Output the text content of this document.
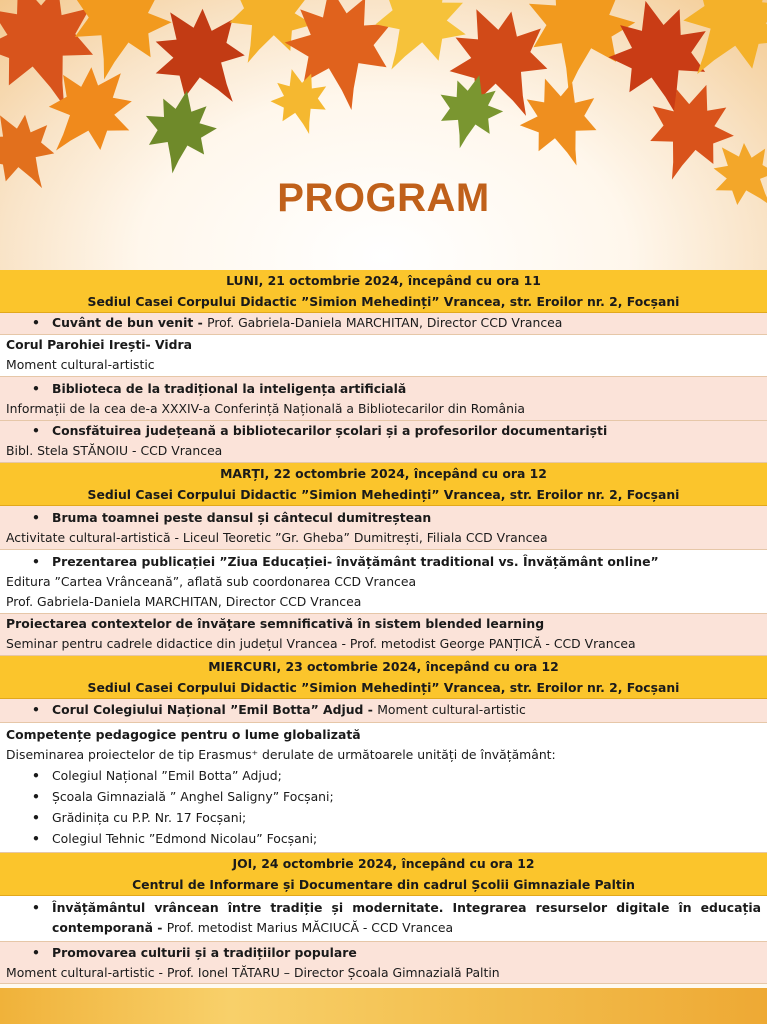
PROGRAM
LUNI, 21 octombrie 2024, începând cu ora 11
Sediul Casei Corpului Didactic ”Simion Mehedinți” Vrancea, str. Eroilor nr. 2, Focșani
• Cuvânt de bun venit - Prof. Gabriela-Daniela MARCHITAN, Director CCD Vrancea
Corul Parohiei Irești- Vidra
Moment cultural-artistic
• Biblioteca de la tradițional la inteligența artificială
Informații de la cea de-a XXXIV-a Conferință Națională a Bibliotecarilor din România
• Consfătuirea județeană a bibliotecarilor școlari și a profesorilor documentariști
Bibl. Stela STĂNOIU - CCD Vrancea
MARȚI, 22 octombrie 2024, începând cu ora 12
Sediul Casei Corpului Didactic ”Simion Mehedinți” Vrancea, str. Eroilor nr. 2, Focșani
• Bruma toamnei peste dansul și cântecul dumitreștean
Activitate cultural-artistică - Liceul Teoretic ”Gr. Gheba” Dumitrești, Filiala CCD Vrancea
• Prezentarea publicației ”Ziua Educației- învățământ traditional vs. Învățământ online”
Editura ”Cartea Vrânceană”, aflată sub coordonarea CCD Vrancea
Prof. Gabriela-Daniela MARCHITAN, Director CCD Vrancea
Proiectarea contextelor de învățare semnificativă în sistem blended learning
Seminar pentru cadrele didactice din județul Vrancea - Prof. metodist George PANȚICĂ - CCD Vrancea
MIERCURI, 23 octombrie 2024, începând cu ora 12
Sediul Casei Corpului Didactic ”Simion Mehedinți” Vrancea, str. Eroilor nr. 2, Focșani
• Corul Colegiului Național ”Emil Botta” Adjud - Moment cultural-artistic
Competențe pedagogice pentru o lume globalizată
Diseminarea proiectelor de tip Erasmus⁺ derulate de următoarele unități de învățământ:
• Colegiul Național ”Emil Botta” Adjud;
• Școala Gimnazială ” Anghel Saligny” Focșani;
• Grădinița cu P.P. Nr. 17 Focșani;
• Colegiul Tehnic ”Edmond Nicolau” Focșani;
JOI, 24 octombrie 2024, începând cu ora 12
Centrul de Informare și Documentare din cadrul Școlii Gimnaziale Paltin
• Învățământul vrâncean între tradiție și modernitate. Integrarea resurselor digitale în educația contemporană - Prof. metodist Marius MĂCIUCĂ - CCD Vrancea
• Promovarea culturii și a tradițiilor populare
Moment cultural-artistic - Prof. Ionel TĂTARU – Director Școala Gimnazială Paltin
